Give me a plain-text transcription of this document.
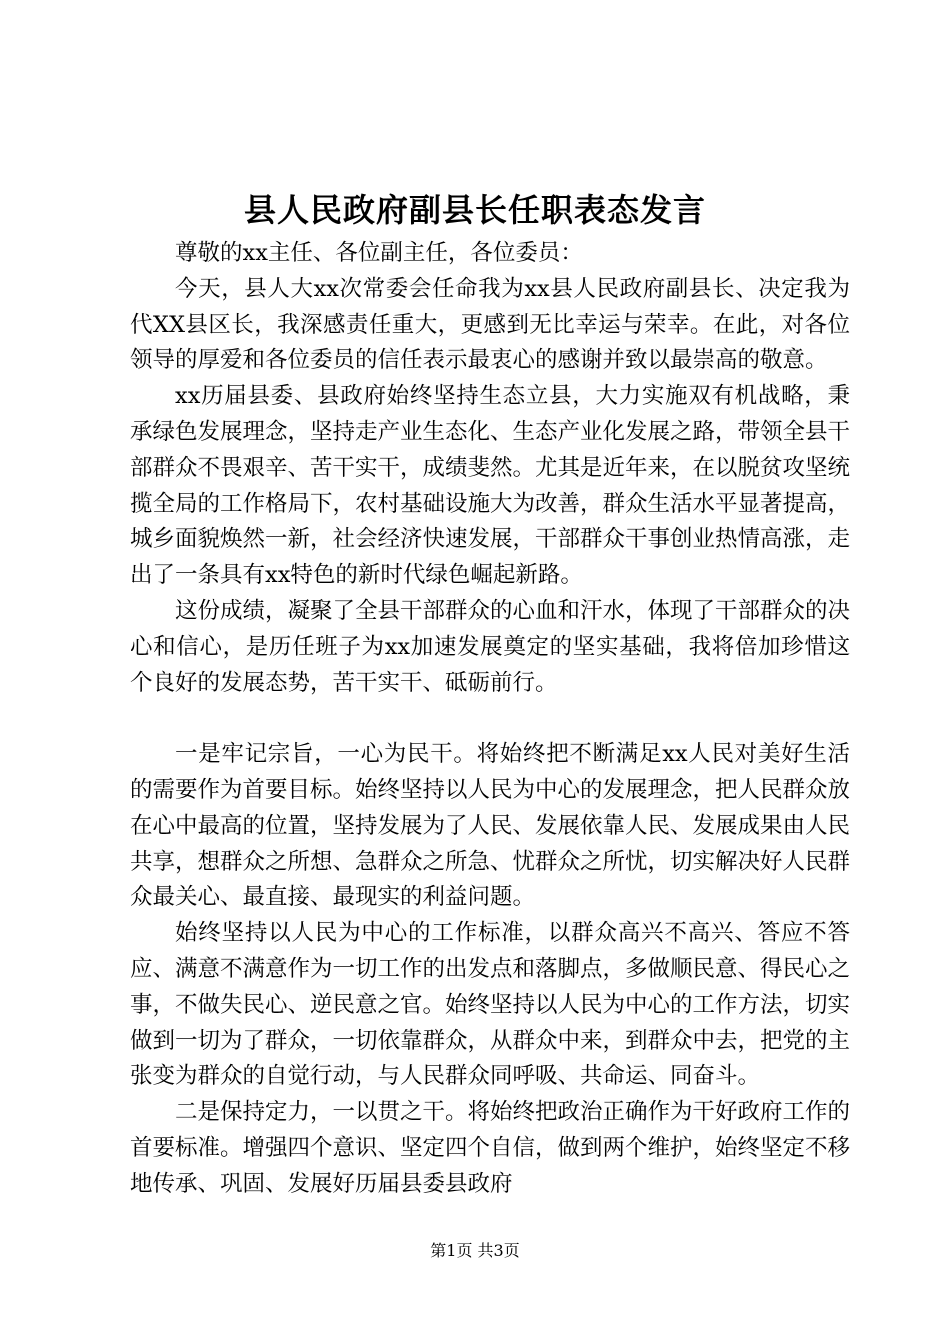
县人民政府副县长任职表态发言

尊敬的xx主任、各位副主任，各位委员：

今天，县人大xx次常委会任命我为xx县人民政府副县长、决定我为代XX县区长，我深感责任重大，更感到无比幸运与荣幸。在此，对各位领导的厚爱和各位委员的信任表示最衷心的感谢并致以最崇高的敬意。

xx历届县委、县政府始终坚持生态立县，大力实施双有机战略，秉承绿色发展理念，坚持走产业生态化、生态产业化发展之路，带领全县干部群众不畏艰辛、苦干实干，成绩斐然。尤其是近年来，在以脱贫攻坚统揽全局的工作格局下，农村基础设施大为改善，群众生活水平显著提高，城乡面貌焕然一新，社会经济快速发展，干部群众干事创业热情高涨，走出了一条具有xx特色的新时代绿色崛起新路。

这份成绩，凝聚了全县干部群众的心血和汗水，体现了干部群众的决心和信心，是历任班子为xx加速发展奠定的坚实基础，我将倍加珍惜这个良好的发展态势，苦干实干、砥砺前行。

一是牢记宗旨，一心为民干。将始终把不断满足xx人民对美好生活的需要作为首要目标。始终坚持以人民为中心的发展理念，把人民群众放在心中最高的位置，坚持发展为了人民、发展依靠人民、发展成果由人民共享，想群众之所想、急群众之所急、忧群众之所忧，切实解决好人民群众最关心、最直接、最现实的利益问题。

始终坚持以人民为中心的工作标准，以群众高兴不高兴、答应不答应、满意不满意作为一切工作的出发点和落脚点，多做顺民意、得民心之事，不做失民心、逆民意之官。始终坚持以人民为中心的工作方法，切实做到一切为了群众，一切依靠群众，从群众中来，到群众中去，把党的主张变为群众的自觉行动，与人民群众同呼吸、共命运、同奋斗。

二是保持定力，一以贯之干。将始终把政治正确作为干好政府工作的首要标准。增强四个意识、坚定四个自信，做到两个维护，始终坚定不移地传承、巩固、发展好历届县委县政府

第1页 共3页
